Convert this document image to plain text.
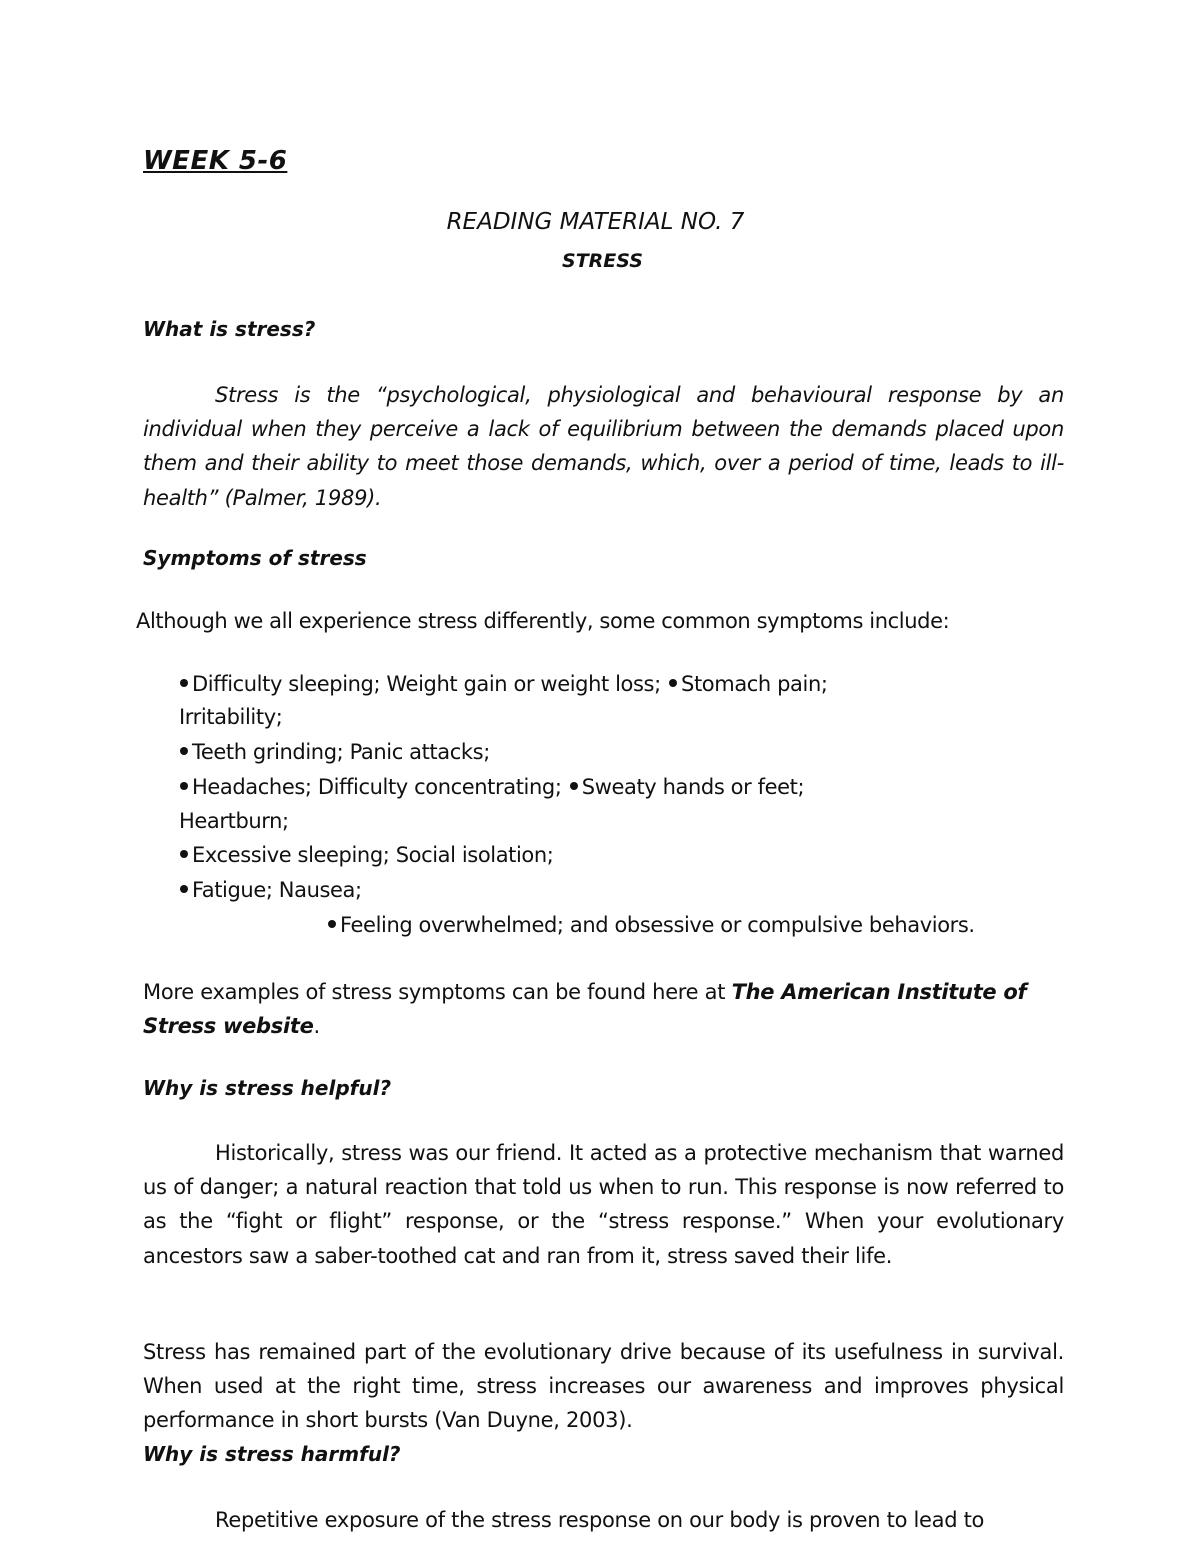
WEEK 5-6

READING MATERIAL NO. 7

STRESS

What is stress?

Stress is the “psychological, physiological and behavioural response by an individual when they perceive a lack of equilibrium between the demands placed upon them and their ability to meet those demands, which, over a period of time, leads to ill-health” (Palmer, 1989).

Symptoms of stress

Although we all experience stress differently, some common symptoms include:

Difficulty sleeping; Weight gain or weight loss; Stomach pain;

Irritability;

Teeth grinding; Panic attacks;

Headaches; Difficulty concentrating; Sweaty hands or feet;

Heartburn;

Excessive sleeping; Social isolation;

Fatigue; Nausea;

Feeling overwhelmed; and obsessive or compulsive behaviors.

More examples of stress symptoms can be found here at The American Institute of Stress website.

Why is stress helpful?

Historically, stress was our friend. It acted as a protective mechanism that warned us of danger; a natural reaction that told us when to run. This response is now referred to as the “fight or flight” response, or the “stress response.” When your evolutionary ancestors saw a saber-toothed cat and ran from it, stress saved their life.

Stress has remained part of the evolutionary drive because of its usefulness in survival. When used at the right time, stress increases our awareness and improves physical performance in short bursts (Van Duyne, 2003).

Why is stress harmful?

Repetitive exposure of the stress response on our body is proven to lead to
